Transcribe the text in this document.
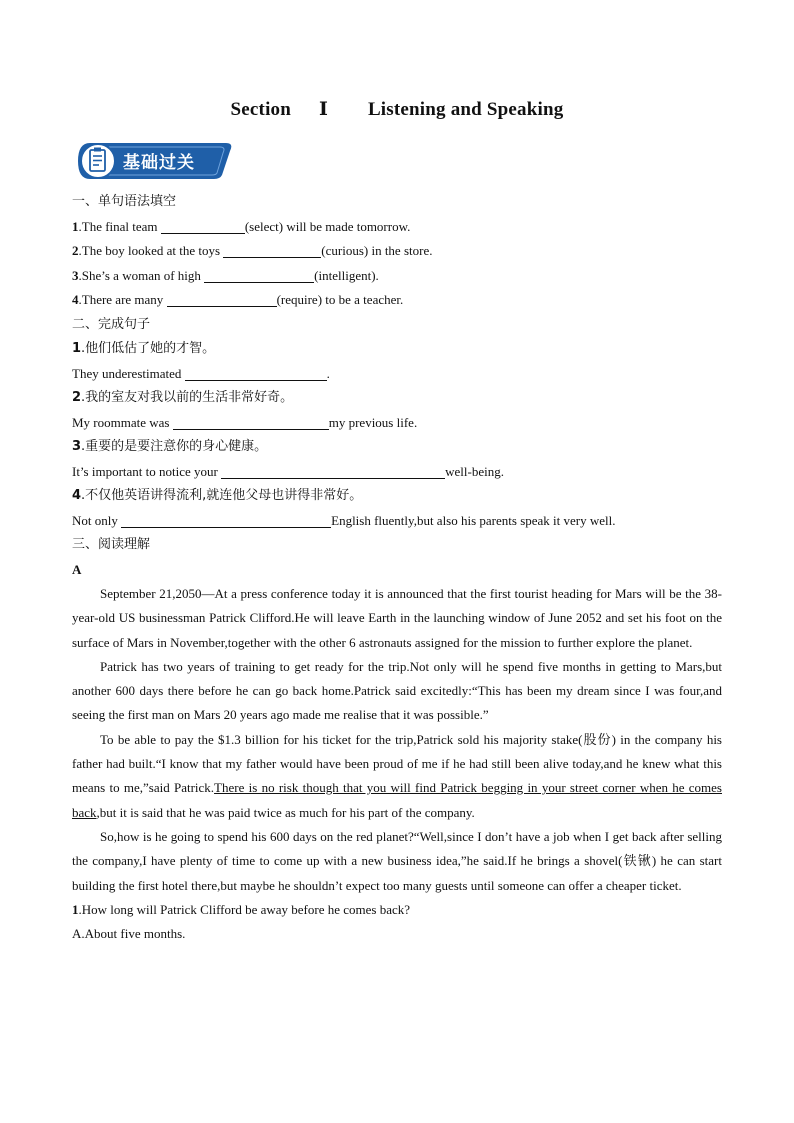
Section Ⅰ Listening and Speaking
基础过关
一、单句语法填空
1.The final team	(select) will be made tomorrow.
2.The boy looked at the toys	(curious) in the store.
3.She’s a woman of high	(intelligent).
4.There are many	(require) to be a teacher.
二、完成句子
1.他们低估了她的才智。
They underestimated	.
2.我的室友对我以前的生活非常好奇。
My roommate was	my previous life.
3.重要的是要注意你的身心健康。
It’s important to notice your	well-being.
4.不仅他英语讲得流利,就连他父母也讲得非常好。
Not only	English fluently,but also his parents speak it very well.
三、阅读理解
A

September 21,2050—At a press conference today it is announced that the first tourist heading for Mars will be the 38-year-old US businessman Patrick Clifford.He will leave Earth in the launching window of June 2052 and set his foot on the surface of Mars in November,together with the other 6 astronauts assigned for the mission to further explore the planet.

Patrick has two years of training to get ready for the trip.Not only will he spend five months in getting to Mars,but another 600 days there before he can go back home.Patrick said excitedly:“This has been my dream since I was four,and seeing the first man on Mars 20 years ago made me realise that it was possible.”

To be able to pay the $1.3 billion for his ticket for the trip,Patrick sold his majority stake(股份) in the company his father had built.“I know that my father would have been proud of me if he had still been alive today,and he knew what this means to me,”said Patrick.There is no risk though that you will find Patrick begging in your street corner when he comes back,but it is said that he was paid twice as much for his part of the company.

So,how is he going to spend his 600 days on the red planet?“Well,since I don’t have a job when I get back after selling the company,I have plenty of time to come up with a new business idea,”he said.If he brings a shovel(铁锹) he can start building the first hotel there,but maybe he shouldn’t expect too many guests until someone can offer a cheaper ticket.

1.How long will Patrick Clifford be away before he comes back?
A.About five months.
